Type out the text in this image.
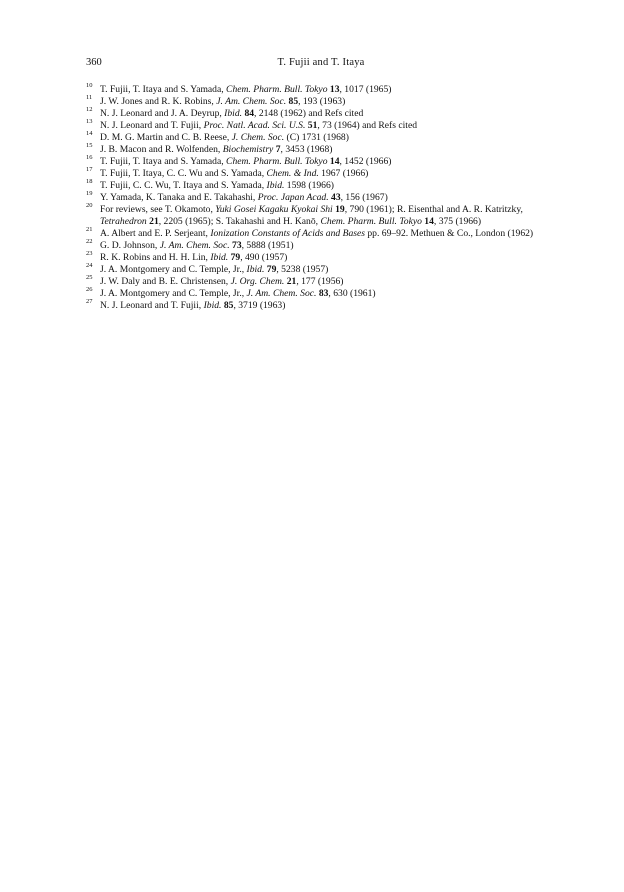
360	T. Fujii and T. Itaya

10 T. Fujii, T. Itaya and S. Yamada, Chem. Pharm. Bull. Tokyo 13, 1017 (1965)

11 J. W. Jones and R. K. Robins, J. Am. Chem. Soc. 85, 193 (1963)

12 N. J. Leonard and J. A. Deyrup, Ibid. 84, 2148 (1962) and Refs cited

13 N. J. Leonard and T. Fujii, Proc. Natl. Acad. Sci. U.S. 51, 73 (1964) and Refs cited

14 D. M. G. Martin and C. B. Reese, J. Chem. Soc. (C) 1731 (1968)

15 J. B. Macon and R. Wolfenden, Biochemistry 7, 3453 (1968)

16 T. Fujii, T. Itaya and S. Yamada, Chem. Pharm. Bull. Tokyo 14, 1452 (1966)

17 T. Fujii, T. Itaya, C. C. Wu and S. Yamada, Chem. & Ind. 1967 (1966)

18 T. Fujii, C. C. Wu, T. Itaya and S. Yamada, Ibid. 1598 (1966)

19 Y. Yamada, K. Tanaka and E. Takahashi, Proc. Japan Acad. 43, 156 (1967)

20 For reviews, see T. Okamoto, Yuki Gosei Kagaku Kyokai Shi 19, 790 (1961); R. Eisenthal and A. R. Katritzky, Tetrahedron 21, 2205 (1965); S. Takahashi and H. Kanō, Chem. Pharm. Bull. Tokyo 14, 375 (1966)

21 A. Albert and E. P. Serjeant, Ionization Constants of Acids and Bases pp. 69–92. Methuen & Co., London (1962)

22 G. D. Johnson, J. Am. Chem. Soc. 73, 5888 (1951)

23 R. K. Robins and H. H. Lin, Ibid. 79, 490 (1957)

24 J. A. Montgomery and C. Temple, Jr., Ibid. 79, 5238 (1957)

25 J. W. Daly and B. E. Christensen, J. Org. Chem. 21, 177 (1956)

26 J. A. Montgomery and C. Temple, Jr., J. Am. Chem. Soc. 83, 630 (1961)

27 N. J. Leonard and T. Fujii, Ibid. 85, 3719 (1963)
